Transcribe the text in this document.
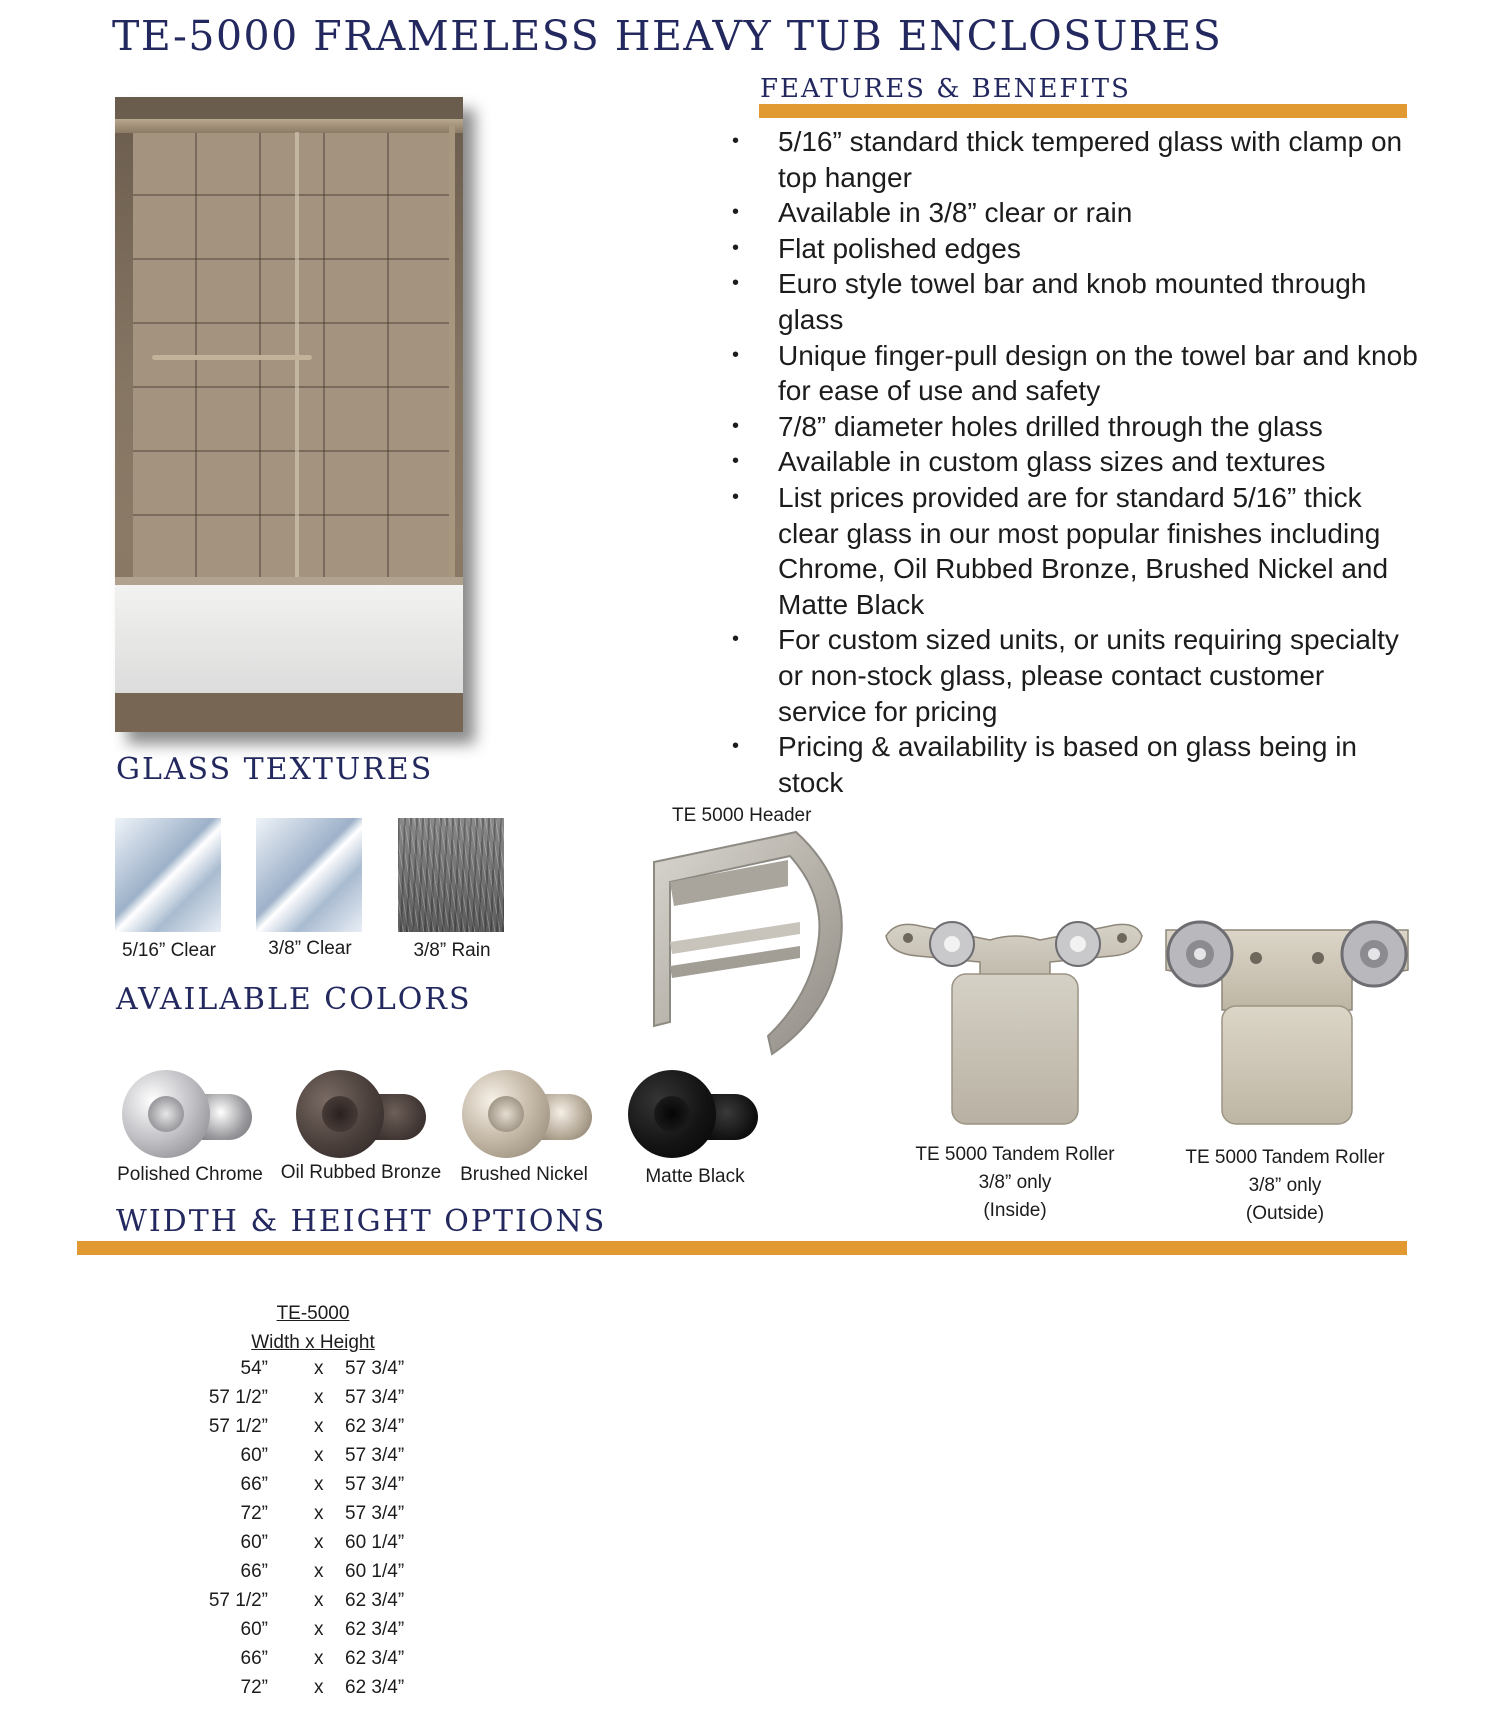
TE-5000 FRAMELESS HEAVY TUB ENCLOSURES
FEATURES & BENEFITS
• 5/16” standard thick tempered glass with clamp on top hanger
• Available in 3/8” clear or rain
• Flat polished edges
• Euro style towel bar and knob mounted through glass
• Unique finger-pull design on the towel bar and knob for ease of use and safety
• 7/8” diameter holes drilled through the glass
• Available in custom glass sizes and textures
• List prices provided are for standard 5/16” thick clear glass in our most popular finishes including Chrome, Oil Rubbed Bronze, Brushed Nickel and Matte Black
• For custom sized units, or units requiring specialty or non-stock glass, please contact customer service for pricing
• Pricing & availability is based on glass being in stock
GLASS TEXTURES
5/16” Clear	3/8” Clear	3/8” Rain
AVAILABLE COLORS
Polished Chrome Oil Rubbed Bronze Brushed Nickel	Matte Black
TE 5000 Header
TE 5000 Tandem Roller
3/8” only
(Inside)
TE 5000 Tandem Roller
3/8” only
(Outside)
WIDTH & HEIGHT OPTIONS
TE-5000
Width x Height
54” x 57 3/4”
57 1/2” x 57 3/4”
57 1/2” x 62 3/4”
60” x 57 3/4”
66” x 57 3/4”
72” x 57 3/4”
60” x 60 1/4”
66” x 60 1/4”
57 1/2” x 62 3/4”
60” x 62 3/4”
66” x 62 3/4”
72” x 62 3/4”
